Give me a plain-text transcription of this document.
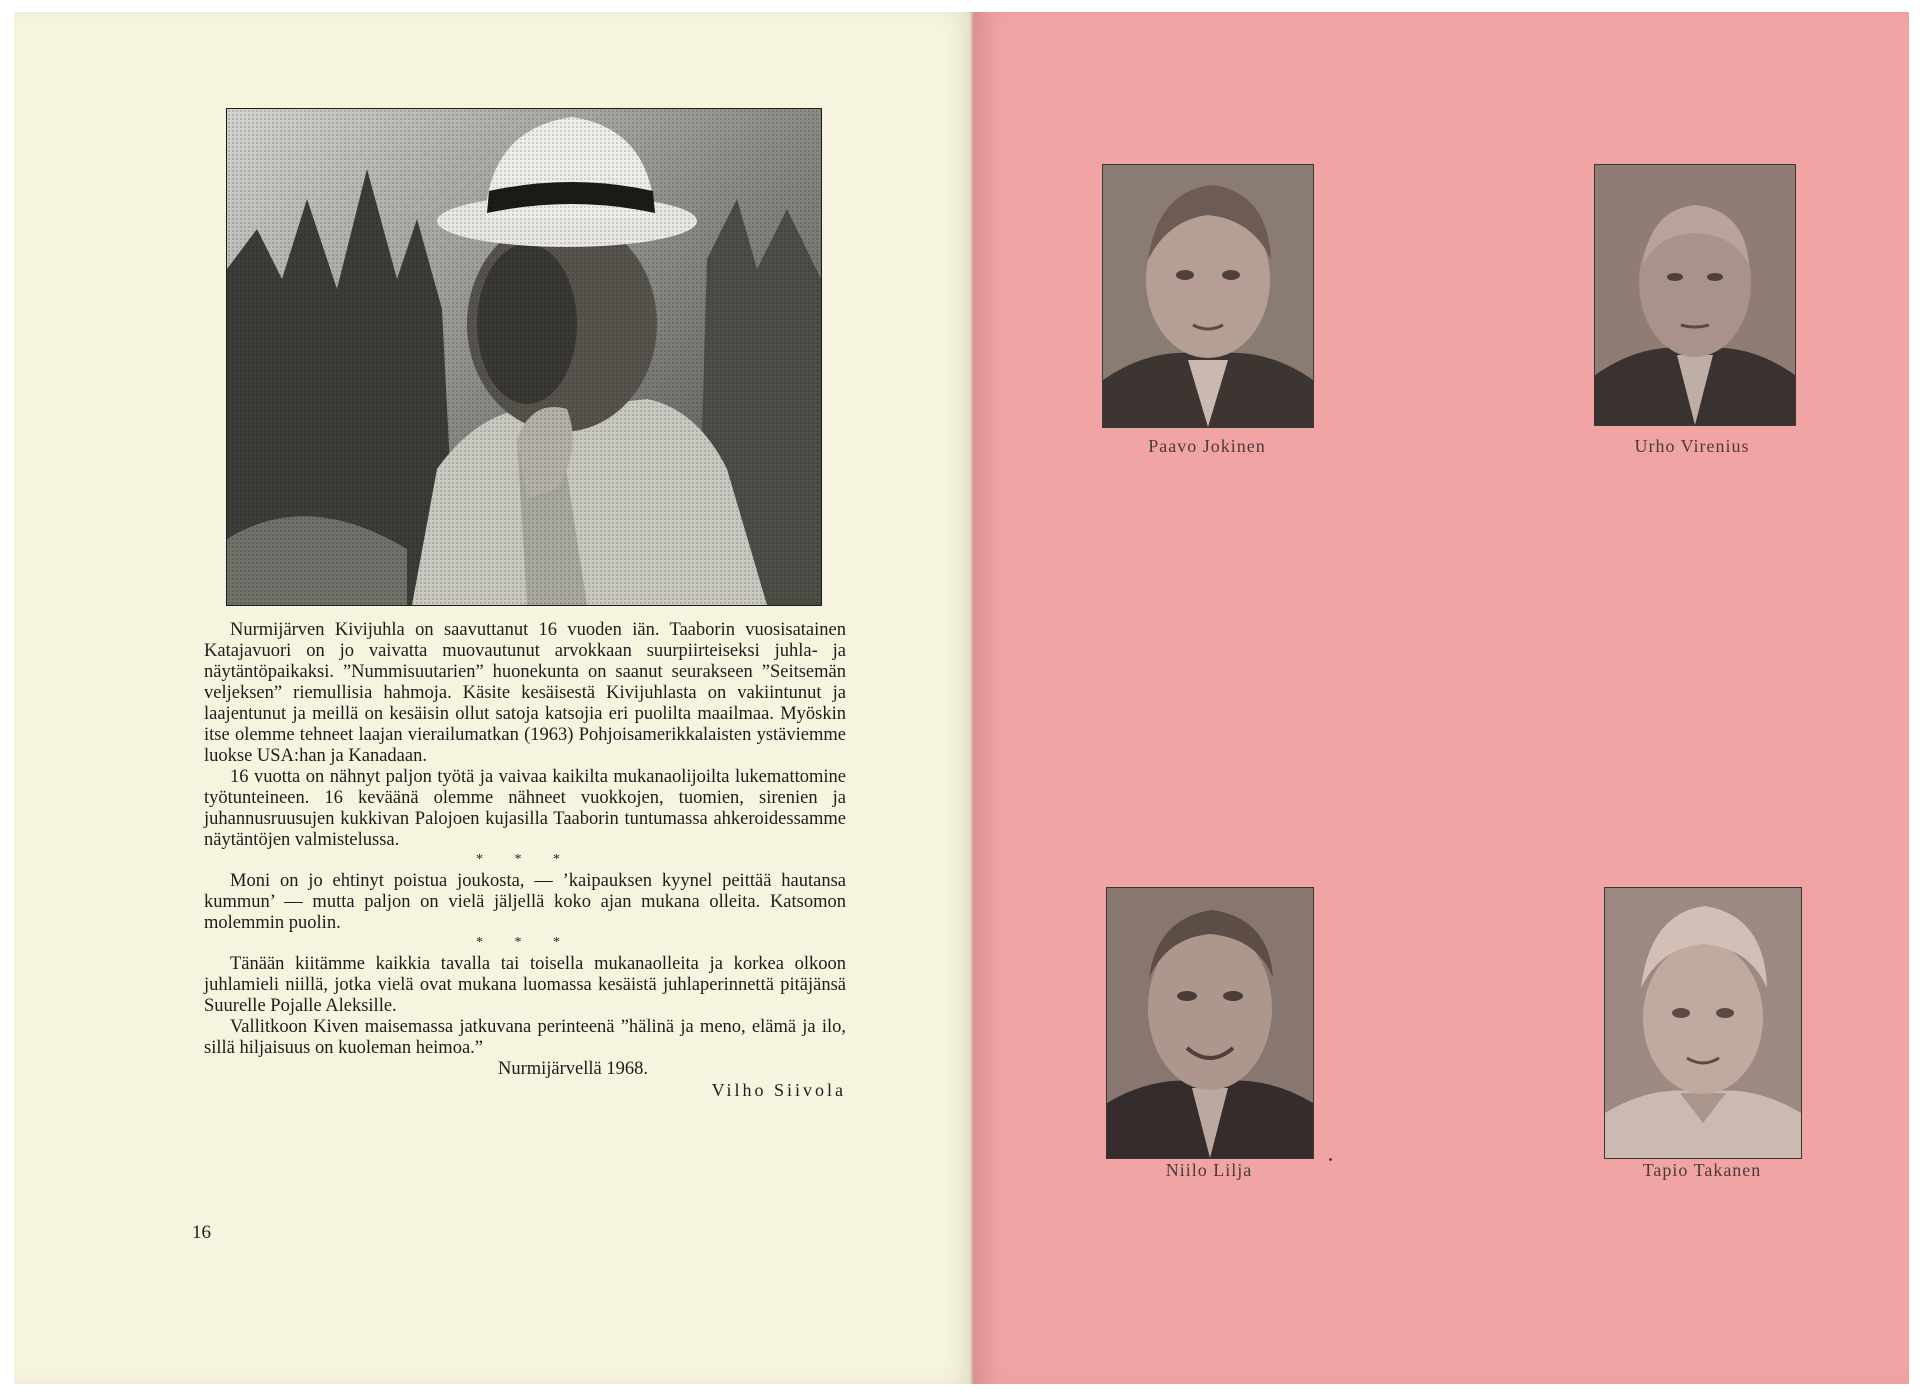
Nurmijärven Kivijuhla on saavuttanut 16 vuoden iän. Taaborin vuosisatainen Katajavuori on jo vaivatta muovautunut arvokkaan suurpiirteiseksi juhla- ja näytäntöpaikaksi. ”Nummisuutarien” huonekunta on saanut seurakseen ”Seitsemän veljeksen” riemullisia hahmoja. Käsite kesäisestä Kivijuhlasta on vakiintunut ja laajentunut ja meillä on kesäisin ollut satoja katsojia eri puolilta maailmaa. Myöskin itse olemme tehneet laajan vierailumatkan (1963) Pohjoisamerikkalaisten ystäviemme luokse USA:han ja Kanadaan.

16 vuotta on nähnyt paljon työtä ja vaivaa kaikilta mukanaolijoilta lukemattomine työtunteineen. 16 keväänä olemme nähneet vuokkojen, tuomien, sirenien ja juhannusruusujen kukkivan Palojoen kujasilla Taaborin tuntumassa ahkeroidessamme näytäntöjen valmistelussa.

* * *

Moni on jo ehtinyt poistua joukosta, — ’kaipauksen kyynel peittää hautansa kummun’ — mutta paljon on vielä jäljellä koko ajan mukana olleita. Katsomon molemmin puolin.

* * *

Tänään kiitämme kaikkia tavalla tai toisella mukanaolleita ja korkea olkoon juhlamieli niillä, jotka vielä ovat mukana luomassa kesäistä juhlaperinnettä pitäjänsä Suurelle Pojalle Aleksille.

Vallitkoon Kiven maisemassa jatkuvana perinteenä ”hälinä ja meno, elämä ja ilo, sillä hiljaisuus on kuoleman heimoa.”

Nurmijärvellä 1968.

Vilho Siivola

16
Paavo Jokinen	Urho Virenius
Niilo Lilja	Tapio Takanen
